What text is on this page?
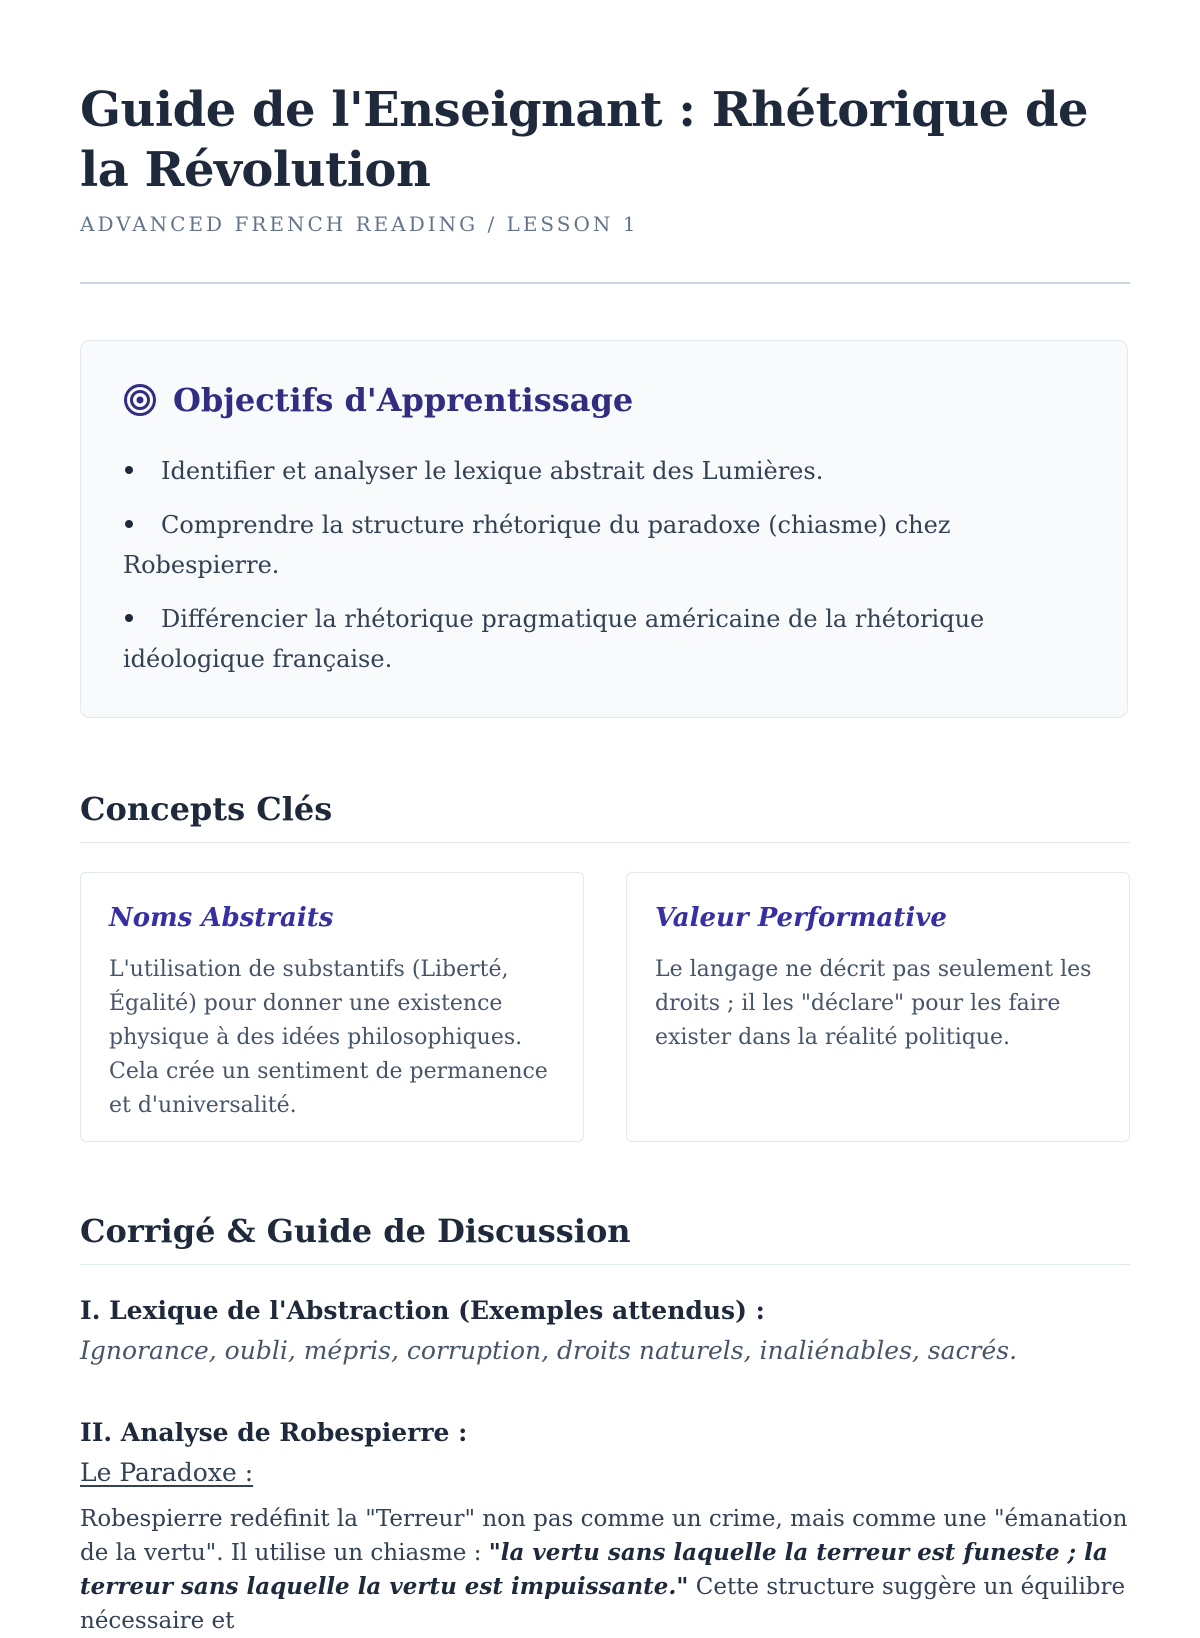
Guide de l'Enseignant : Rhétorique de la Révolution
ADVANCED FRENCH READING / LESSON 1
Objectifs d'Apprentissage
Identifier et analyser le lexique abstrait des Lumières.
Comprendre la structure rhétorique du paradoxe (chiasme) chez Robespierre.
Différencier la rhétorique pragmatique américaine de la rhétorique idéologique française.
Concepts Clés
Noms Abstraits
L'utilisation de substantifs (Liberté, Égalité) pour donner une existence physique à des idées philosophiques. Cela crée un sentiment de permanence et d'universalité.
Valeur Performative
Le langage ne décrit pas seulement les droits ; il les "déclare" pour les faire exister dans la réalité politique.
Corrigé & Guide de Discussion
I. Lexique de l'Abstraction (Exemples attendus) :
Ignorance, oubli, mépris, corruption, droits naturels, inaliénables, sacrés.
II. Analyse de Robespierre :
Le Paradoxe :
Robespierre redéfinit la "Terreur" non pas comme un crime, mais comme une "émanation de la vertu". Il utilise un chiasme : "la vertu sans laquelle la terreur est funeste ; la terreur sans laquelle la vertu est impuissante." Cette structure suggère un équilibre nécessaire et
